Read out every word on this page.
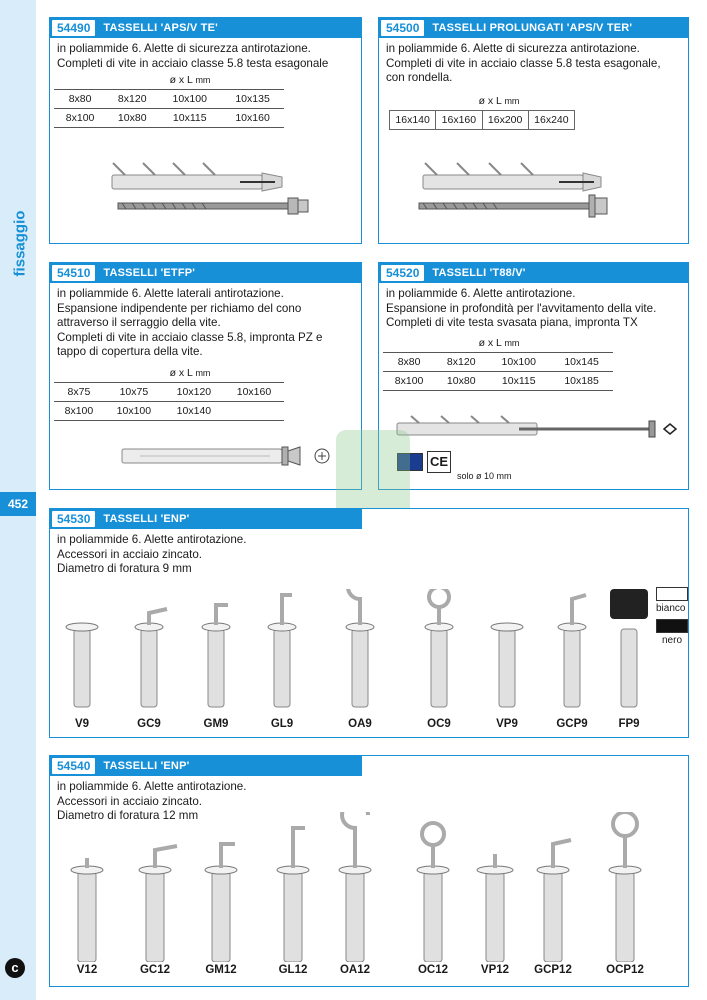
fissaggio
452
c
54490	TASSELLI 'APS/V TE'
in poliammide 6. Alette di sicurezza antirotazione.
Completi di vite in acciaio classe 5.8 testa esagonale
ø x L mm
8x80	8x120	10x100	10x135
8x100	10x80	10x115	10x160
54500	TASSELLI PROLUNGATI 'APS/V TER'
in poliammide 6. Alette di sicurezza antirotazione.
Completi di vite in acciaio classe 5.8 testa esagonale,
con rondella.
ø x L mm
16x140	16x160	16x200	16x240
54510	TASSELLI 'ETFP'
in poliammide 6. Alette laterali antirotazione.
Espansione indipendente per richiamo del cono
attraverso il serraggio della vite.
Completi di vite in acciaio classe 5.8, impronta PZ e
tappo di copertura della vite.
ø x L mm
8x75	10x75	10x120	10x160
8x100	10x100	10x140	
54520	TASSELLI 'T88/V'
in poliammide 6. Alette antirotazione.
Espansione in profondità per l'avvitamento della vite.
Completi di vite testa svasata piana, impronta TX
ø x L mm
8x80	8x120	10x100	10x145
8x100	10x80	10x115	10x185
CE
solo ø 10 mm
54530	TASSELLI 'ENP'
in poliammide 6. Alette antirotazione.
Accessori in acciaio zincato.
Diametro di foratura 9 mm
bianco
nero
V9	GC9	GM9	GL9	OA9	OC9	VP9	GCP9	FP9
54540	TASSELLI 'ENP'
in poliammide 6. Alette antirotazione.
Accessori in acciaio zincato.
Diametro di foratura 12 mm
V12	GC12	GM12	GL12	OA12	OC12	VP12	GCP12	OCP12
